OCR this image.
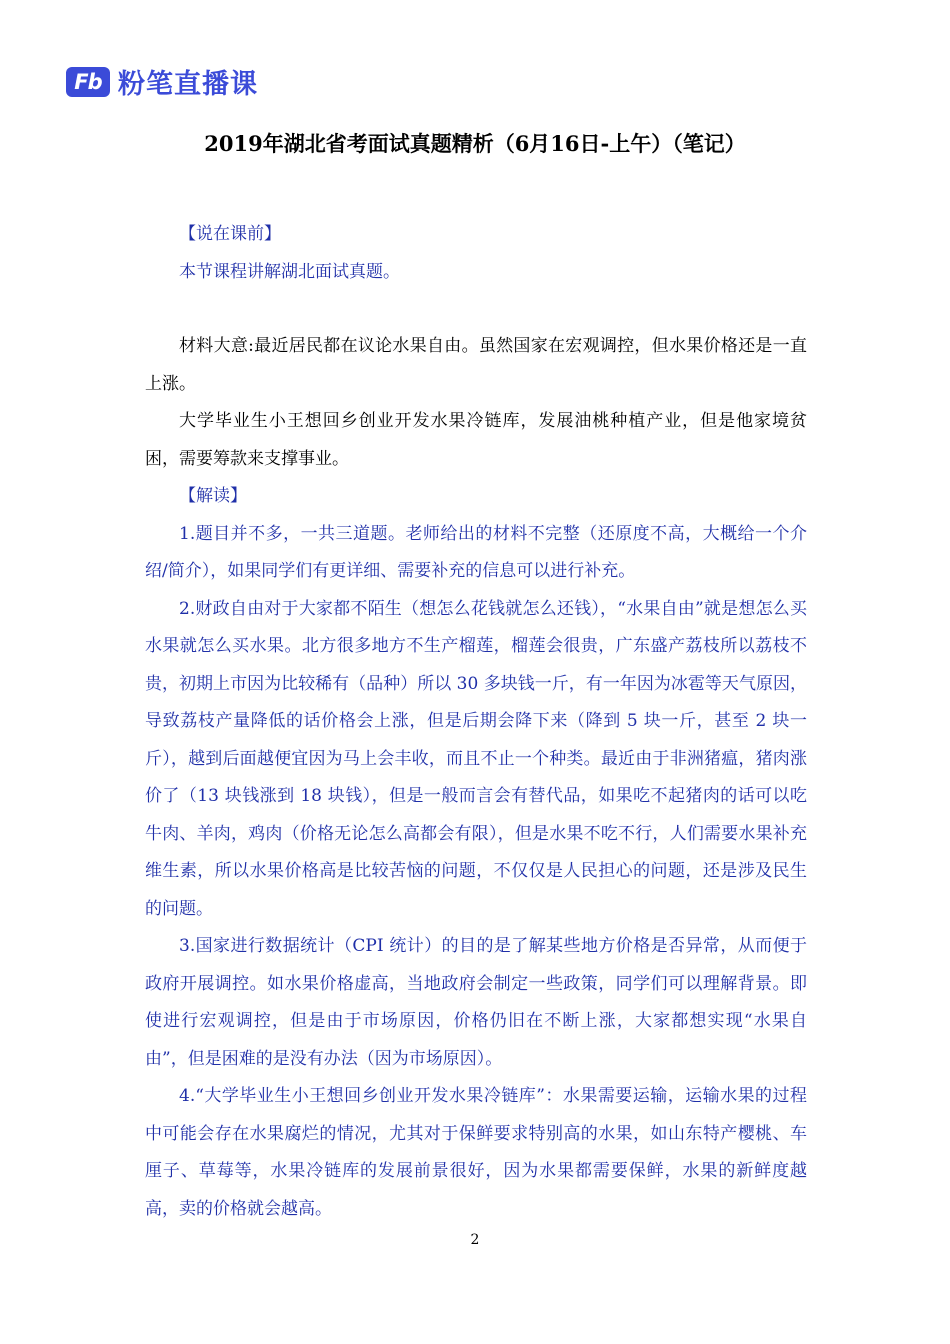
Fb 粉笔直播课
2019年湖北省考面试真题精析（6月16日-上午）（笔记）

【说在课前】

本节课程讲解湖北面试真题。

材料大意:最近居民都在议论水果自由。虽然国家在宏观调控，但水果价格还是一直上涨。

大学毕业生小王想回乡创业开发水果冷链库，发展油桃种植产业，但是他家境贫困，需要筹款来支撑事业。

【解读】

1.题目并不多，一共三道题。老师给出的材料不完整（还原度不高，大概给一个介绍/简介），如果同学们有更详细、需要补充的信息可以进行补充。

2.财政自由对于大家都不陌生（想怎么花钱就怎么还钱），“水果自由”就是想怎么买水果就怎么买水果。北方很多地方不生产榴莲，榴莲会很贵，广东盛产荔枝所以荔枝不贵，初期上市因为比较稀有（品种）所以 30 多块钱一斤，有一年因为冰雹等天气原因，导致荔枝产量降低的话价格会上涨，但是后期会降下来（降到 5 块一斤，甚至 2 块一斤），越到后面越便宜因为马上会丰收，而且不止一个种类。最近由于非洲猪瘟，猪肉涨价了（13 块钱涨到 18 块钱），但是一般而言会有替代品，如果吃不起猪肉的话可以吃牛肉、羊肉，鸡肉（价格无论怎么高都会有限），但是水果不吃不行，人们需要水果补充维生素，所以水果价格高是比较苦恼的问题，不仅仅是人民担心的问题，还是涉及民生的问题。

3.国家进行数据统计（CPI 统计）的目的是了解某些地方价格是否异常，从而便于政府开展调控。如水果价格虚高，当地政府会制定一些政策，同学们可以理解背景。即使进行宏观调控，但是由于市场原因，价格仍旧在不断上涨，大家都想实现“水果自由”，但是困难的是没有办法（因为市场原因）。

4.“大学毕业生小王想回乡创业开发水果冷链库”：水果需要运输，运输水果的过程中可能会存在水果腐烂的情况，尤其对于保鲜要求特别高的水果，如山东特产樱桃、车厘子、草莓等，水果冷链库的发展前景很好，因为水果都需要保鲜，水果的新鲜度越高，卖的价格就会越高。

2
